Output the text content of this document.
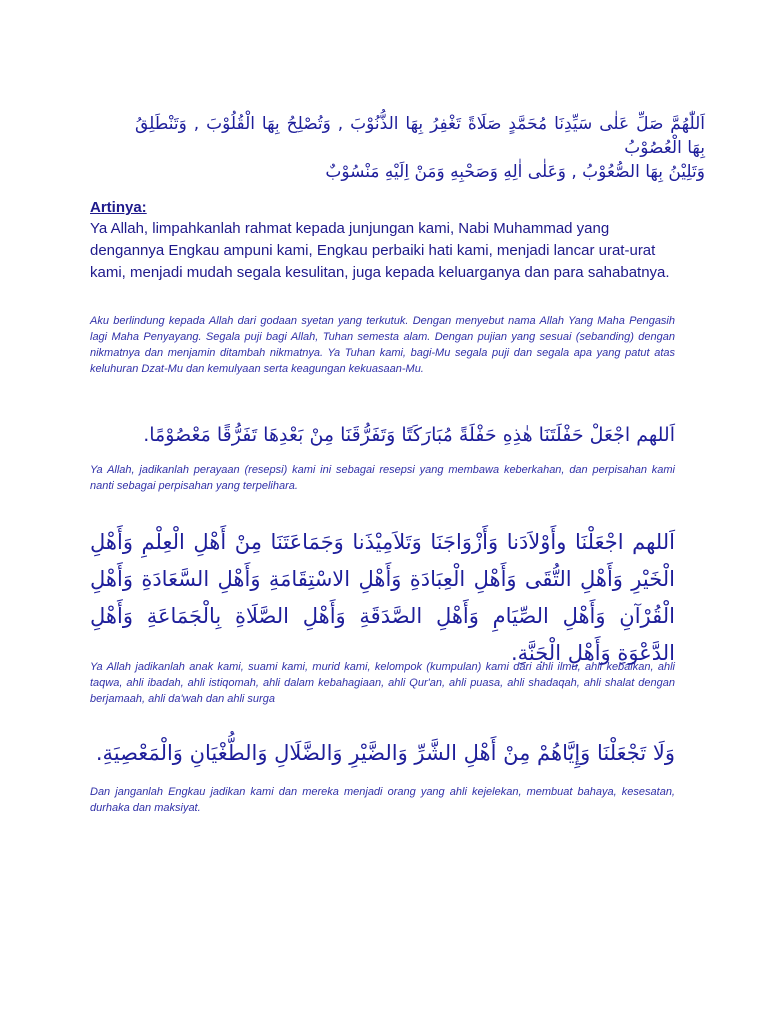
اَللّٰهُمَّ صَلِّ عَلٰى سَيِّدِنَا مُحَمَّدٍ صَلَاةً تَغْفِرُ بِهَا الذُّنُوْبَ , وَتُصْلِحُ بِهَا الْقُلُوْبَ , وَتَنْطَلِقُ بِهَا الْعُصُوْبُ
وَتَلِيْنُ بِهَا الصُّعُوْبُ , وَعَلٰى اٰلِهِ وَصَحْبِهِ وَمَنْ اِلَيْهِ مَنْسُوْبٌ
Artinya:
Ya Allah, limpahkanlah rahmat kepada junjungan kami, Nabi Muhammad yang dengannya Engkau ampuni kami, Engkau perbaiki hati kami, menjadi lancar urat-urat kami, menjadi mudah segala kesulitan, juga kepada keluarganya dan para sahabatnya.
Aku berlindung kepada Allah dari godaan syetan yang terkutuk. Dengan menyebut nama Allah Yang Maha Pengasih lagi Maha Penyayang. Segala puji bagi Allah, Tuhan semesta alam. Dengan pujian yang sesuai (sebanding) dengan nikmatnya dan menjamin ditambah nikmatnya. Ya Tuhan kami, bagi-Mu segala puji dan segala apa yang patut atas keluhuran Dzat-Mu dan kemulyaan serta keagungan kekuasaan-Mu.
اَللهم اجْعَلْ حَفْلَتَنَا هٰذِهِ حَفْلَةً مُبَارَكَتًا وَتَفَرُّقَنَا مِنْ بَعْدِهَا تَفَرُّقًا مَعْصُوْمًا.
Ya Allah, jadikanlah perayaan (resepsi) kami ini sebagai resepsi yang membawa keberkahan, dan perpisahan kami nanti sebagai perpisahan yang terpelihara.
اَللهم اجْعَلْنَا وأَوْلاَدَنا وَأَزْوَاجَنَا وَتَلاَمِيْذَنا وَجَمَاعَتَنَا مِنْ أَهْلِ الْعِلْمِ وَأَهْلِ الْخَيْرِ وَأَهْلِ التُّقَى وَأَهْلِ الْعِبَادَةِ وَأَهْلِ الاسْتِقَامَةِ وَأَهْلِ السَّعَادَةِ وَأَهْلِ الْقُرْآنِ وَأَهْلِ الصِّيَامِ وَأَهْلِ الصَّدَقَةِ وَأَهْلِ الصَّلَاةِ بِالْجَمَاعَةِ وَأَهْلِ الدَّعْوَةِ وَأَهْلِ الْجَنَّةِ.
Ya Allah jadikanlah anak kami, suami kami, murid kami, kelompok (kumpulan) kami dari ahli ilmu, ahli kebaikan, ahli taqwa, ahli ibadah, ahli istiqomah, ahli dalam kebahagiaan, ahli Qur'an, ahli puasa, ahli shadaqah, ahli shalat dengan berjamaah, ahli da'wah dan ahli surga
وَلَا تَجْعَلْنَا وَإِيَّاهُمْ مِنْ أَهْلِ الشَّرِّ وَالضَّيْرِ وَالضَّلَالِ وَالطُّغْيَانِ وَالْمَعْصِيَةِ.
Dan janganlah Engkau jadikan kami dan mereka menjadi orang yang ahli kejelekan, membuat bahaya, kesesatan, durhaka dan maksiyat.
